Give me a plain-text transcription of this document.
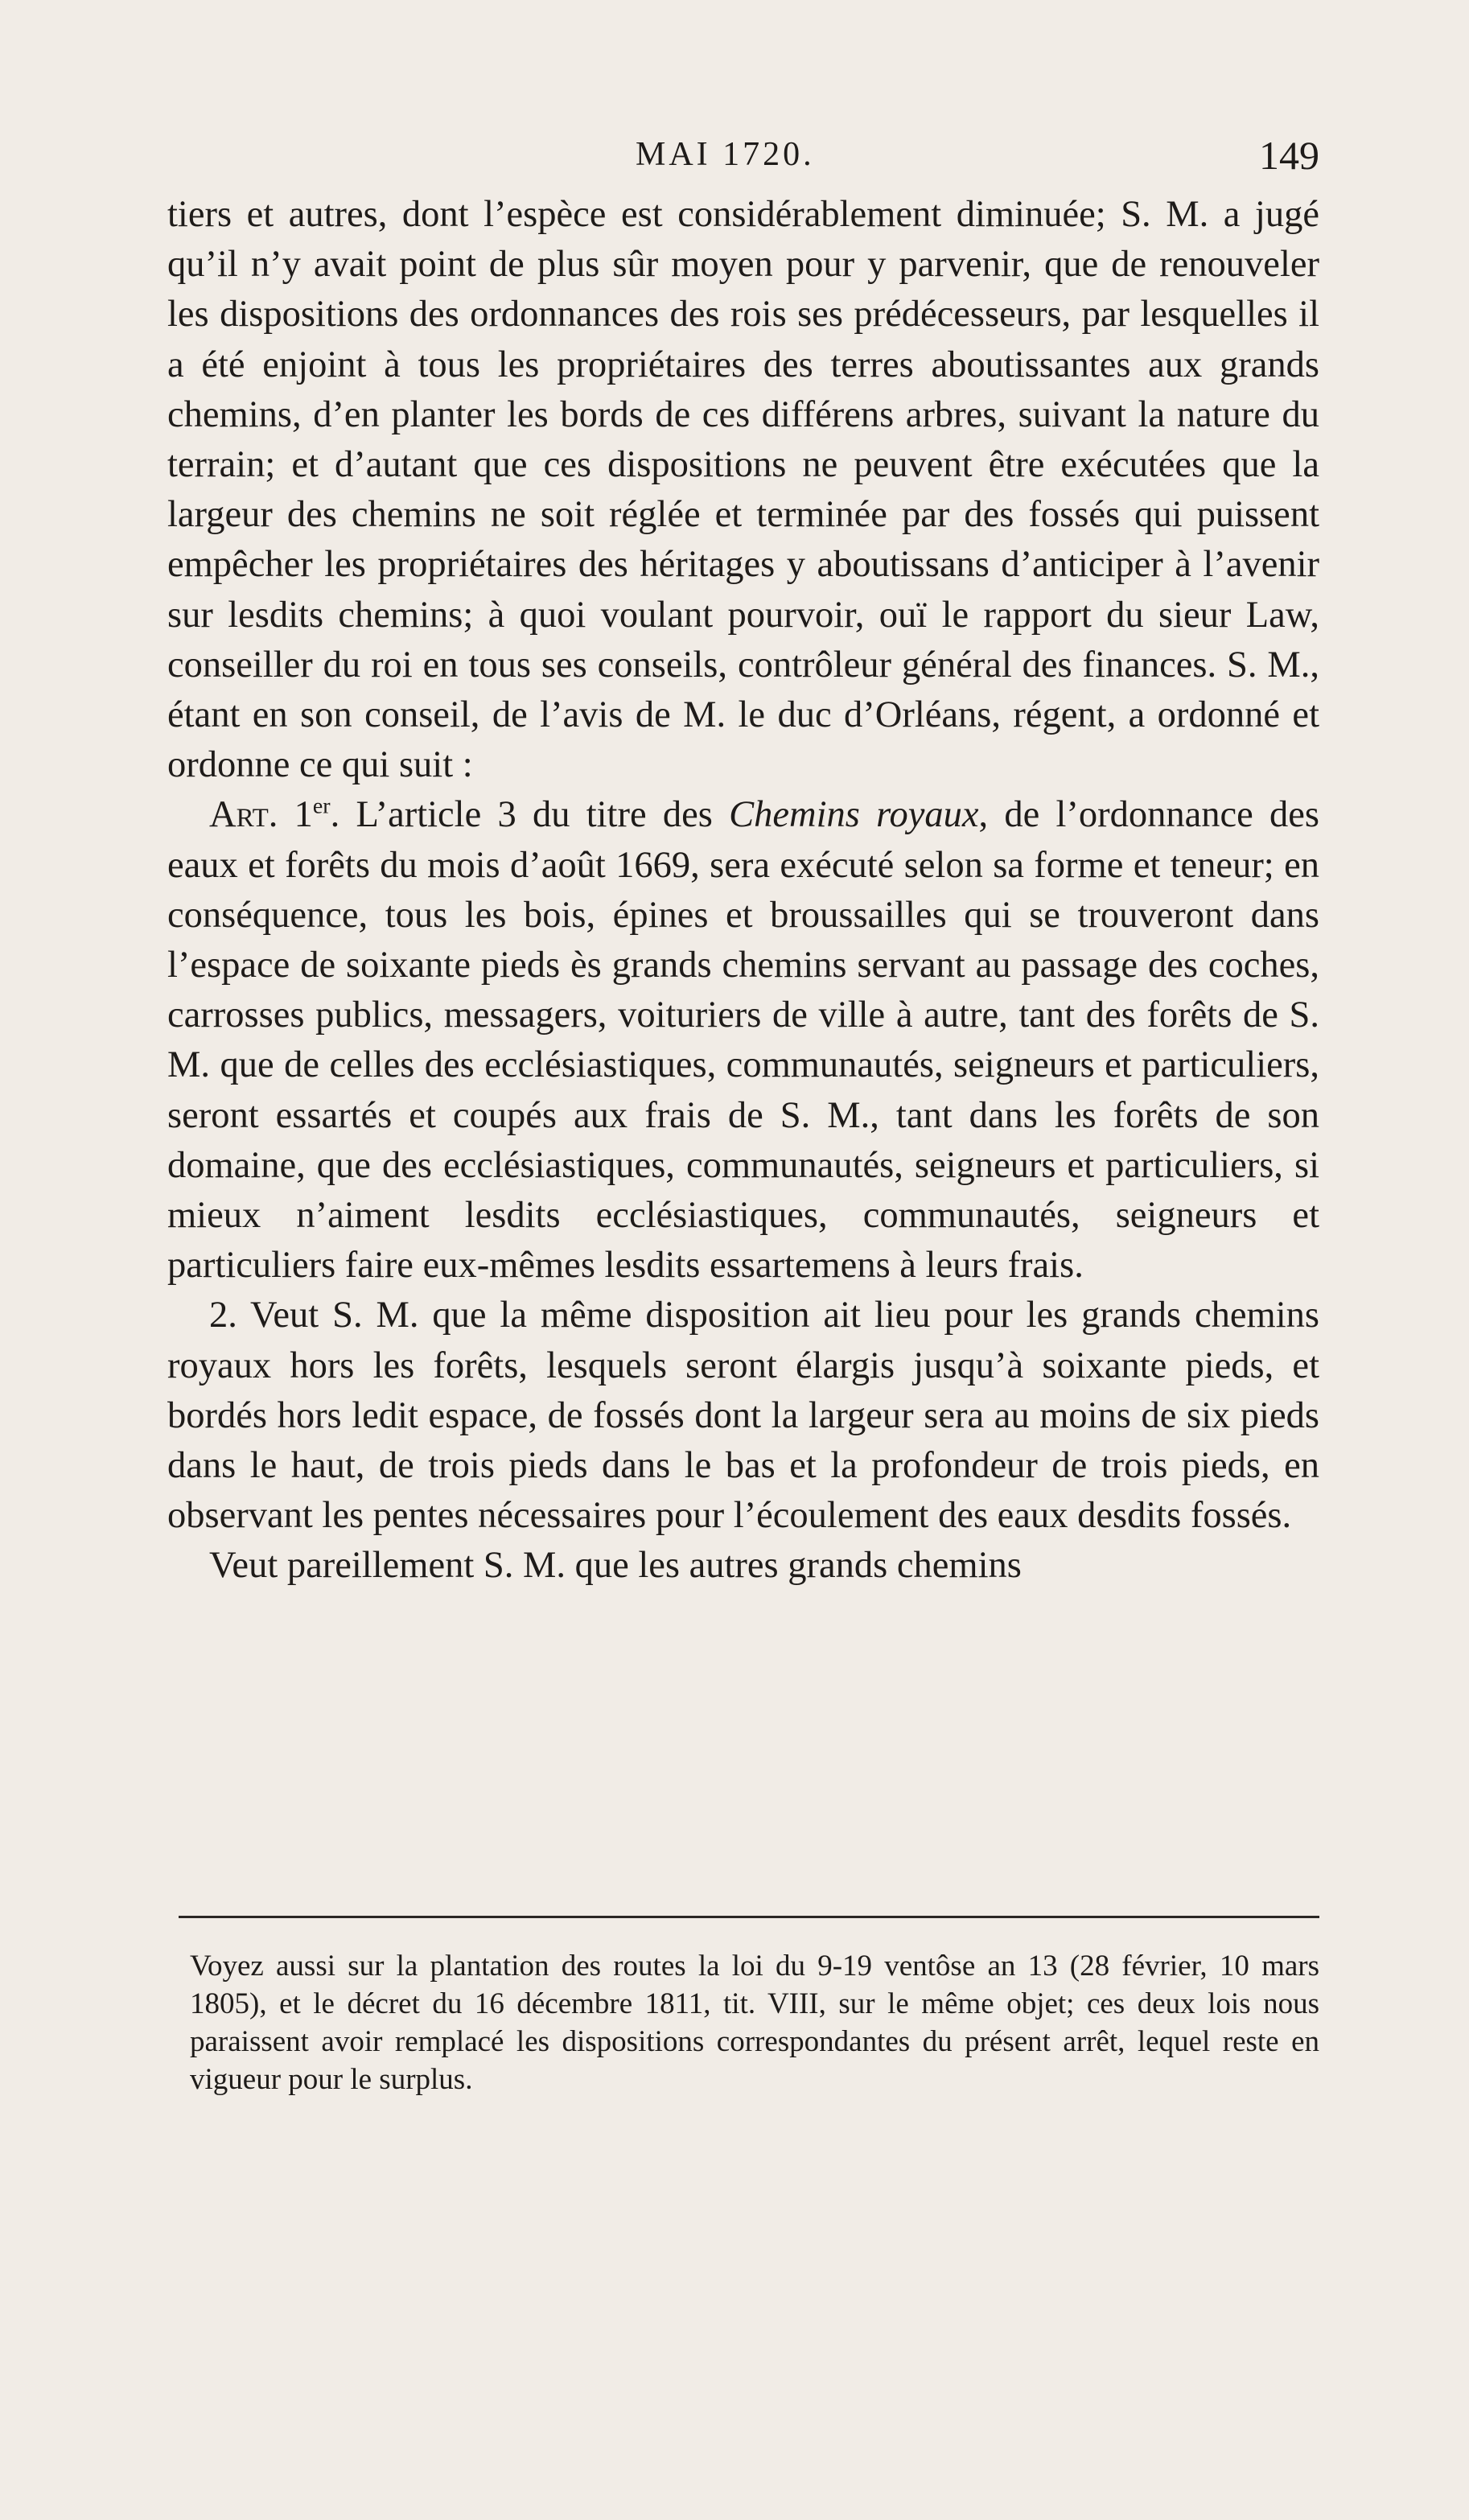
MAI 1720.	149

tiers et autres, dont l’espèce est considérablement diminuée; S. M. a jugé qu’il n’y avait point de plus sûr moyen pour y parvenir, que de renouveler les dispositions des ordonnances des rois ses prédécesseurs, par lesquelles il a été enjoint à tous les propriétaires des terres aboutissantes aux grands chemins, d’en planter les bords de ces différens arbres, suivant la nature du terrain; et d’autant que ces dispositions ne peuvent être exécutées que la largeur des chemins ne soit réglée et terminée par des fossés qui puissent empêcher les propriétaires des héritages y aboutissans d’anticiper à l’avenir sur lesdits chemins; à quoi voulant pourvoir, ouï le rapport du sieur Law, conseiller du roi en tous ses conseils, contrôleur général des finances. S. M., étant en son conseil, de l’avis de M. le duc d’Orléans, régent, a ordonné et ordonne ce qui suit :

Art. 1er. L’article 3 du titre des Chemins royaux, de l’ordonnance des eaux et forêts du mois d’août 1669, sera exécuté selon sa forme et teneur; en conséquence, tous les bois, épines et broussailles qui se trouveront dans l’espace de soixante pieds ès grands chemins servant au passage des coches, carrosses publics, messagers, voituriers de ville à autre, tant des forêts de S. M. que de celles des ecclésiastiques, communautés, seigneurs et particuliers, seront essartés et coupés aux frais de S. M., tant dans les forêts de son domaine, que des ecclésiastiques, communautés, seigneurs et particuliers, si mieux n’aiment lesdits ecclésiastiques, communautés, seigneurs et particuliers faire eux-mêmes lesdits essartemens à leurs frais.

2. Veut S. M. que la même disposition ait lieu pour les grands chemins royaux hors les forêts, lesquels seront élargis jusqu’à soixante pieds, et bordés hors ledit espace, de fossés dont la largeur sera au moins de six pieds dans le haut, de trois pieds dans le bas et la profondeur de trois pieds, en observant les pentes nécessaires pour l’écoulement des eaux desdits fossés.

Veut pareillement S. M. que les autres grands chemins

Voyez aussi sur la plantation des routes la loi du 9-19 ventôse an 13 (28 février, 10 mars 1805), et le décret du 16 décembre 1811, tit. VIII, sur le même objet; ces deux lois nous paraissent avoir remplacé les dispositions correspondantes du présent arrêt, lequel reste en vigueur pour le surplus.
